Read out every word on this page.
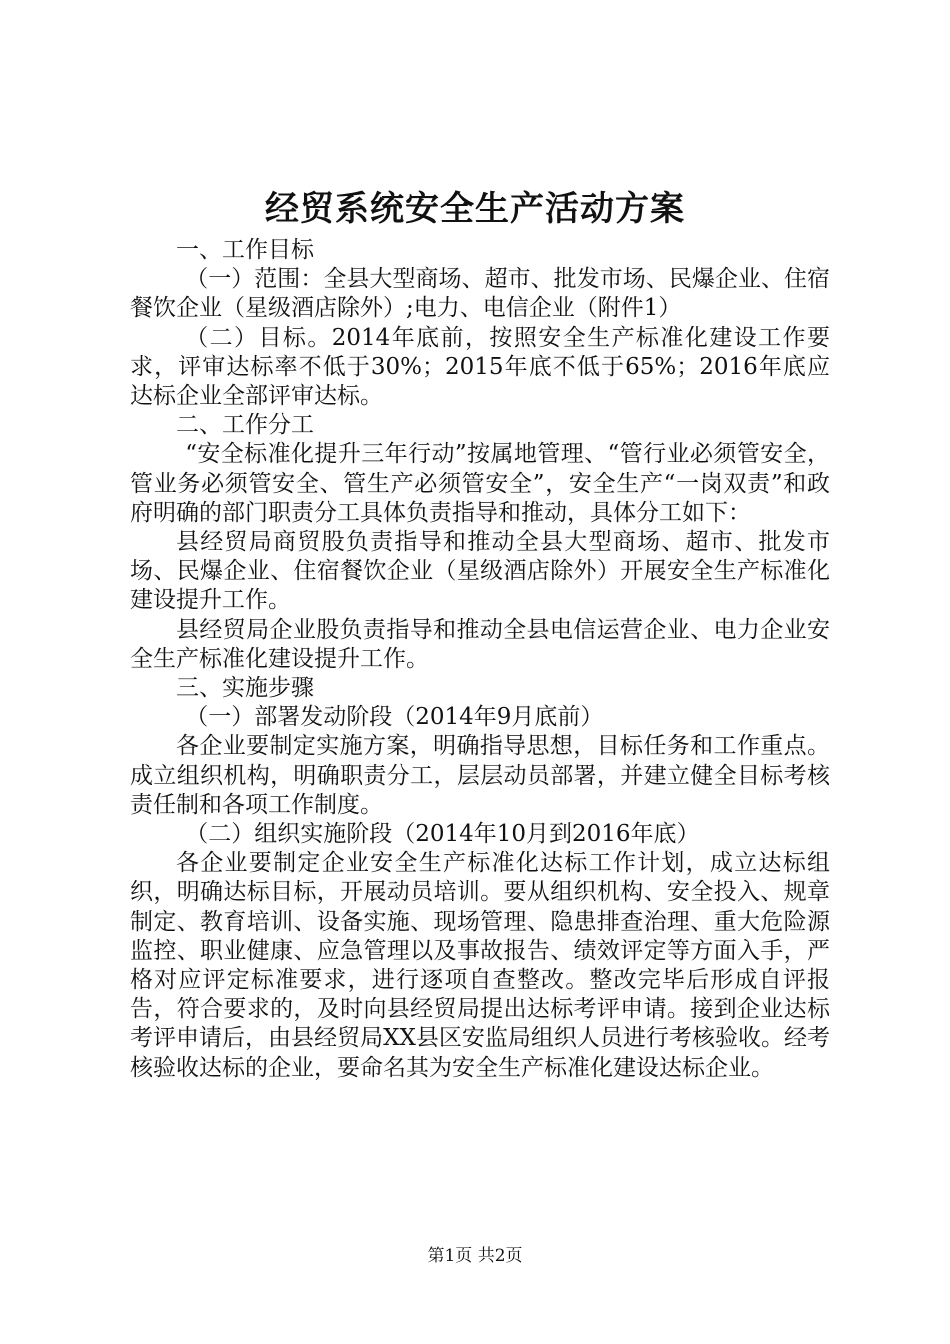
经贸系统安全生产活动方案

一、工作目标

（一）范围：全县大型商场、超市、批发市场、民爆企业、住宿餐饮企业（星级酒店除外）;电力、电信企业（附件1）

（二）目标。2014年底前，按照安全生产标准化建设工作要求，评审达标率不低于30%；2015年底不低于65%；2016年底应达标企业全部评审达标。

二、工作分工

“安全标准化提升三年行动”按属地管理、“管行业必须管安全，管业务必须管安全、管生产必须管安全”，安全生产“一岗双责”和政府明确的部门职责分工具体负责指导和推动，具体分工如下：

县经贸局商贸股负责指导和推动全县大型商场、超市、批发市场、民爆企业、住宿餐饮企业（星级酒店除外）开展安全生产标准化建设提升工作。

县经贸局企业股负责指导和推动全县电信运营企业、电力企业安全生产标准化建设提升工作。

三、实施步骤

（一）部署发动阶段（2014年9月底前）

各企业要制定实施方案，明确指导思想，目标任务和工作重点。成立组织机构，明确职责分工，层层动员部署，并建立健全目标考核责任制和各项工作制度。

（二）组织实施阶段（2014年10月到2016年底）

各企业要制定企业安全生产标准化达标工作计划，成立达标组织，明确达标目标，开展动员培训。要从组织机构、安全投入、规章制定、教育培训、设备实施、现场管理、隐患排查治理、重大危险源监控、职业健康、应急管理以及事故报告、绩效评定等方面入手，严格对应评定标准要求，进行逐项自查整改。整改完毕后形成自评报告，符合要求的，及时向县经贸局提出达标考评申请。接到企业达标考评申请后，由县经贸局XX县区安监局组织人员进行考核验收。经考核验收达标的企业，要命名其为安全生产标准化建设达标企业。

第1页 共2页
